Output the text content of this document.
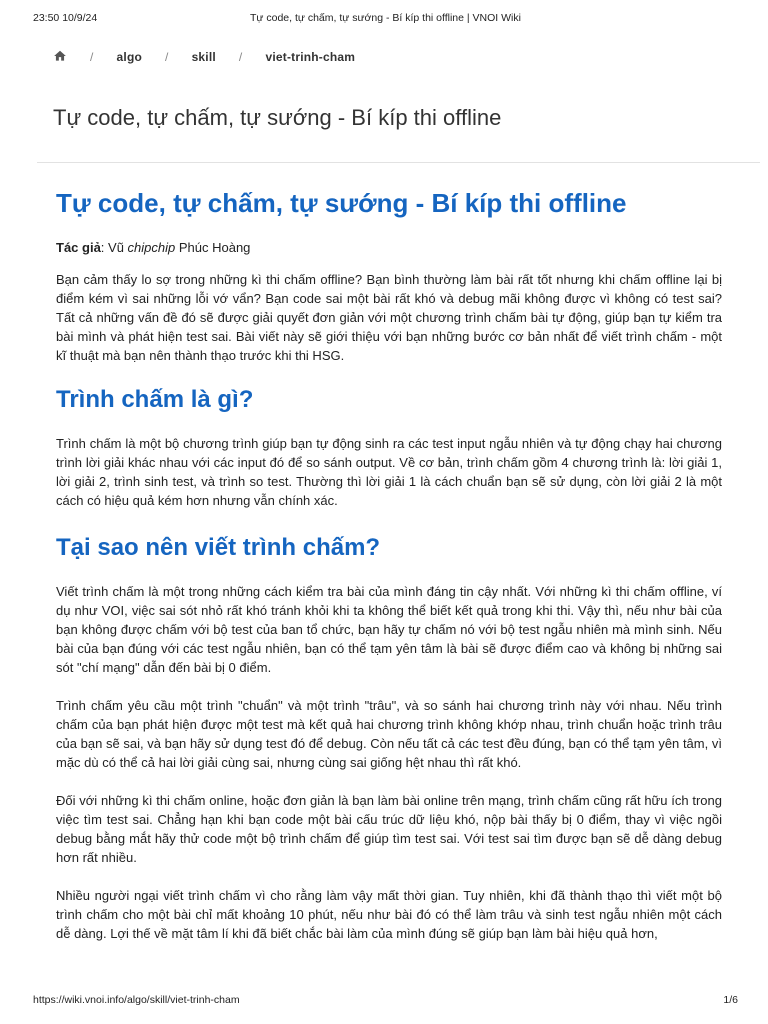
23:50 10/9/24	Tự code, tự chấm, tự sướng - Bí kíp thi offline | VNOI Wiki
/ algo / skill / viet-trinh-cham
Tự code, tự chấm, tự sướng - Bí kíp thi offline
Tự code, tự chấm, tự sướng - Bí kíp thi offline

Tác giả: Vũ chipchip Phúc Hoàng

Bạn cảm thấy lo sợ trong những kì thi chấm offline? Bạn bình thường làm bài rất tốt nhưng khi chấm offline lại bị điểm kém vì sai những lỗi vớ vẩn? Bạn code sai một bài rất khó và debug mãi không được vì không có test sai? Tất cả những vấn đề đó sẽ được giải quyết đơn giản với một chương trình chấm bài tự động, giúp bạn tự kiểm tra bài mình và phát hiện test sai. Bài viết này sẽ giới thiệu với bạn những bước cơ bản nhất để viết trình chấm - một kĩ thuật mà bạn nên thành thạo trước khi thi HSG.

Trình chấm là gì?

Trình chấm là một bộ chương trình giúp bạn tự động sinh ra các test input ngẫu nhiên và tự động chạy hai chương trình lời giải khác nhau với các input đó để so sánh output. Về cơ bản, trình chấm gồm 4 chương trình là: lời giải 1, lời giải 2, trình sinh test, và trình so test. Thường thì lời giải 1 là cách chuẩn bạn sẽ sử dụng, còn lời giải 2 là một cách có hiệu quả kém hơn nhưng vẫn chính xác.

Tại sao nên viết trình chấm?

Viết trình chấm là một trong những cách kiểm tra bài của mình đáng tin cậy nhất. Với những kì thi chấm offline, ví dụ như VOI, việc sai sót nhỏ rất khó tránh khỏi khi ta không thể biết kết quả trong khi thi. Vậy thì, nếu như bài của bạn không được chấm với bộ test của ban tổ chức, bạn hãy tự chấm nó với bộ test ngẫu nhiên mà mình sinh. Nếu bài của bạn đúng với các test ngẫu nhiên, bạn có thể tạm yên tâm là bài sẽ được điểm cao và không bị những sai sót "chí mạng" dẫn đến bài bị 0 điểm.

Trình chấm yêu cầu một trình "chuẩn" và một trình "trâu", và so sánh hai chương trình này với nhau. Nếu trình chấm của bạn phát hiện được một test mà kết quả hai chương trình không khớp nhau, trình chuẩn hoặc trình trâu của bạn sẽ sai, và bạn hãy sử dụng test đó để debug. Còn nếu tất cả các test đều đúng, bạn có thể tạm yên tâm, vì mặc dù có thể cả hai lời giải cùng sai, nhưng cùng sai giống hệt nhau thì rất khó.

Đối với những kì thi chấm online, hoặc đơn giản là bạn làm bài online trên mạng, trình chấm cũng rất hữu ích trong việc tìm test sai. Chẳng hạn khi bạn code một bài cấu trúc dữ liệu khó, nộp bài thấy bị 0 điểm, thay vì việc ngồi debug bằng mắt hãy thử code một bộ trình chấm để giúp tìm test sai. Với test sai tìm được bạn sẽ dễ dàng debug hơn rất nhiều.

Nhiều người ngại viết trình chấm vì cho rằng làm vậy mất thời gian. Tuy nhiên, khi đã thành thạo thì viết một bộ trình chấm cho một bài chỉ mất khoảng 10 phút, nếu như bài đó có thể làm trâu và sinh test ngẫu nhiên một cách dễ dàng. Lợi thế về mặt tâm lí khi đã biết chắc bài làm của mình đúng sẽ giúp bạn làm bài hiệu quả hơn,

https://wiki.vnoi.info/algo/skill/viet-trinh-cham	1/6
